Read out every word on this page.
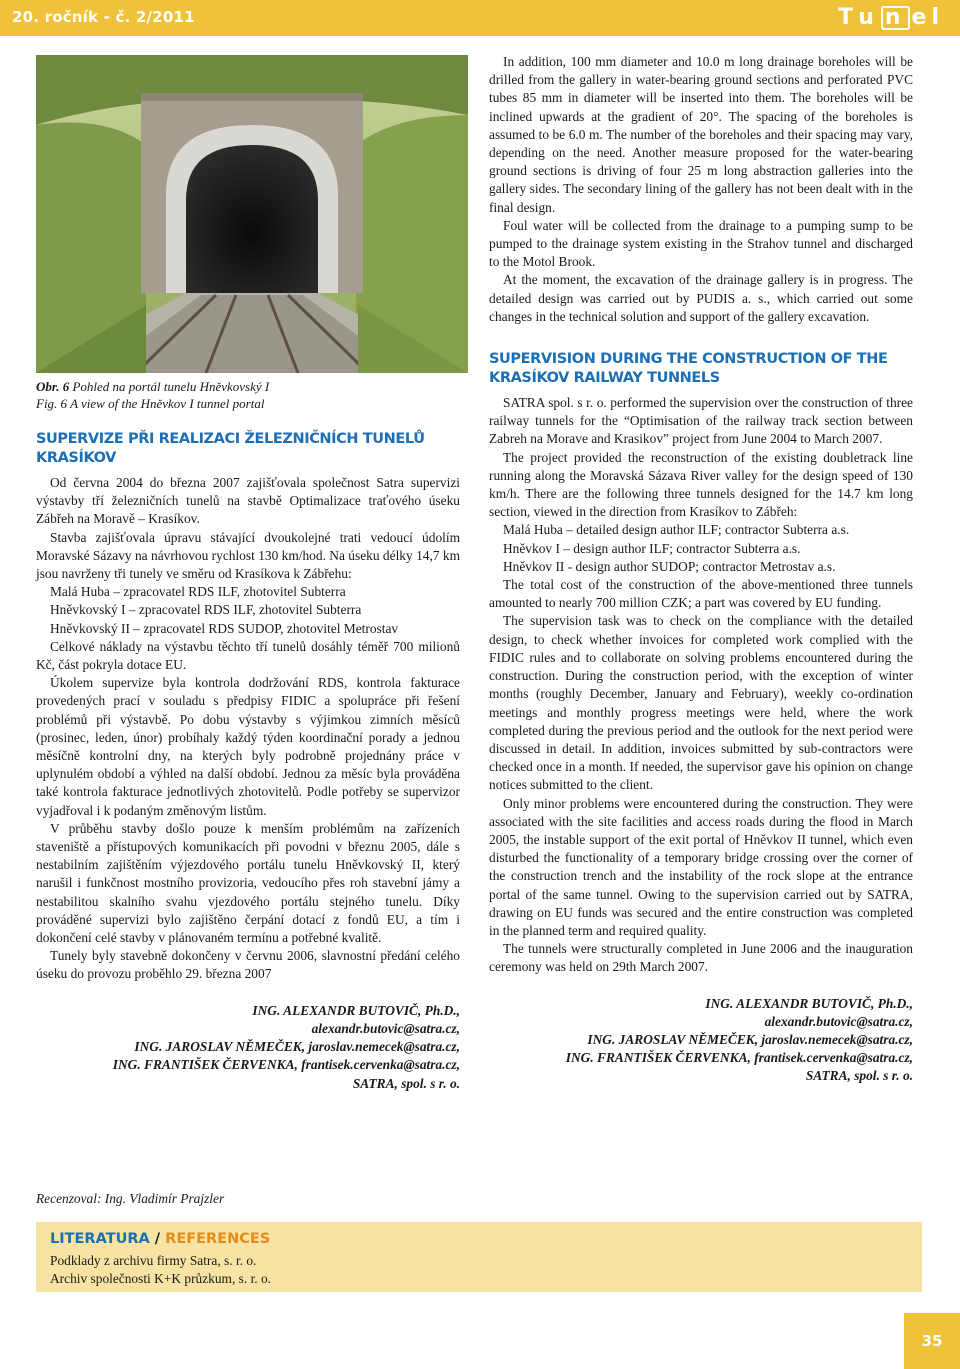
20. ročník - č. 2/2011	T u n e l
Obr. 6 Pohled na portál tunelu Hněvkovský I
Fig. 6 A view of the Hněvkov I tunnel portal
SUPERVIZE PŘI REALIZACI ŽELEZNIČNÍCH TUNELŮ KRASÍKOV

Od června 2004 do března 2007 zajišťovala společnost Satra supervizi výstavby tří železničních tunelů na stavbě Optimalizace traťového úseku Zábřeh na Moravě – Krasíkov.

Stavba zajišťovala úpravu stávající dvoukolejné trati vedoucí údolím Moravské Sázavy na návrhovou rychlost 130 km/hod. Na úseku délky 14,7 km jsou navrženy tři tunely ve směru od Krasíkova k Zábřehu:

Malá Huba – zpracovatel RDS ILF, zhotovitel Subterra

Hněvkovský I – zpracovatel RDS ILF, zhotovitel Subterra

Hněvkovský II – zpracovatel RDS SUDOP, zhotovitel Metrostav

Celkové náklady na výstavbu těchto tří tunelů dosáhly téměř 700 milionů Kč, část pokryla dotace EU.

Úkolem supervize byla kontrola dodržování RDS, kontrola fakturace provedených prací v souladu s předpisy FIDIC a spolupráce při řešení problémů při výstavbě. Po dobu výstavby s výjimkou zimních měsíců (prosinec, leden, únor) probíhaly každý týden koordinační porady a jednou měsíčně kontrolní dny, na kterých byly podrobně projednány práce v uplynulém období a výhled na další období. Jednou za měsíc byla prováděna také kontrola fakturace jednotlivých zhotovitelů. Podle potřeby se supervizor vyjadřoval i k podaným změnovým listům.

V průběhu stavby došlo pouze k menším problémům na zařízeních staveniště a přístupových komunikacích při povodni v březnu 2005, dále s nestabilním zajištěním výjezdového portálu tunelu Hněvkovský II, který narušil i funkčnost mostního provizoria, vedoucího přes roh stavební jámy a nestabilitou skalního svahu vjezdového portálu stejného tunelu. Díky prováděné supervizi bylo zajištěno čerpání dotací z fondů EU, a tím i dokončení celé stavby v plánovaném termínu a potřebné kvalitě.

Tunely byly stavebně dokončeny v červnu 2006, slavnostní předání celého úseku do provozu proběhlo 29. března 2007

ING. ALEXANDR BUTOVIČ, Ph.D.,
alexandr.butovic@satra.cz,
ING. JAROSLAV NĚMEČEK, jaroslav.nemecek@satra.cz,
ING. FRANTIŠEK ČERVENKA, frantisek.cervenka@satra.cz,
SATRA, spol. s r. o.
Recenzoval: Ing. Vladimír Prajzler

In addition, 100 mm diameter and 10.0 m long drainage boreholes will be drilled from the gallery in water-bearing ground sections and perforated PVC tubes 85 mm in diameter will be inserted into them. The boreholes will be inclined upwards at the gradient of 20°. The spacing of the boreholes is assumed to be 6.0 m. The number of the boreholes and their spacing may vary, depending on the need. Another measure proposed for the water-bearing ground sections is driving of four 25 m long abstraction galleries into the gallery sides. The secondary lining of the gallery has not been dealt with in the final design.

Foul water will be collected from the drainage to a pumping sump to be pumped to the drainage system existing in the Strahov tunnel and discharged to the Motol Brook.

At the moment, the excavation of the drainage gallery is in progress. The detailed design was carried out by PUDIS a. s., which carried out some changes in the technical solution and support of the gallery excavation.

SUPERVISION DURING THE CONSTRUCTION OF THE KRASÍKOV RAILWAY TUNNELS

SATRA spol. s r. o. performed the supervision over the construction of three railway tunnels for the “Optimisation of the railway track section between Zabreh na Morave and Krasikov” project from June 2004 to March 2007.

The project provided the reconstruction of the existing doubletrack line running along the Moravská Sázava River valley for the design speed of 130 km/h. There are the following three tunnels designed for the 14.7 km long section, viewed in the direction from Krasíkov to Zábřeh:

Malá Huba – detailed design author ILF; contractor Subterra a.s.

Hněvkov I – design author ILF; contractor Subterra a.s.

Hněvkov II - design author SUDOP; contractor Metrostav a.s.

The total cost of the construction of the above-mentioned three tunnels amounted to nearly 700 million CZK; a part was covered by EU funding.

The supervision task was to check on the compliance with the detailed design, to check whether invoices for completed work complied with the FIDIC rules and to collaborate on solving problems encountered during the construction. During the construction period, with the exception of winter months (roughly December, January and February), weekly co-ordination meetings and monthly progress meetings were held, where the work completed during the previous period and the outlook for the next period were discussed in detail. In addition, invoices submitted by sub-contractors were checked once in a month. If needed, the supervisor gave his opinion on change notices submitted to the client.

Only minor problems were encountered during the construction. They were associated with the site facilities and access roads during the flood in March 2005, the instable support of the exit portal of Hněvkov II tunnel, which even disturbed the functionality of a temporary bridge crossing over the corner of the construction trench and the instability of the rock slope at the entrance portal of the same tunnel. Owing to the supervision carried out by SATRA, drawing on EU funds was secured and the entire construction was completed in the planned term and required quality.

The tunnels were structurally completed in June 2006 and the inauguration ceremony was held on 29th March 2007.

ING. ALEXANDR BUTOVIČ, Ph.D.,
alexandr.butovic@satra.cz,
ING. JAROSLAV NĚMEČEK, jaroslav.nemecek@satra.cz,
ING. FRANTIŠEK ČERVENKA, frantisek.cervenka@satra.cz,
SATRA, spol. s r. o.
LITERATURA / REFERENCES
Podklady z archivu firmy Satra, s. r. o.
Archiv společnosti K+K průzkum, s. r. o.
35
